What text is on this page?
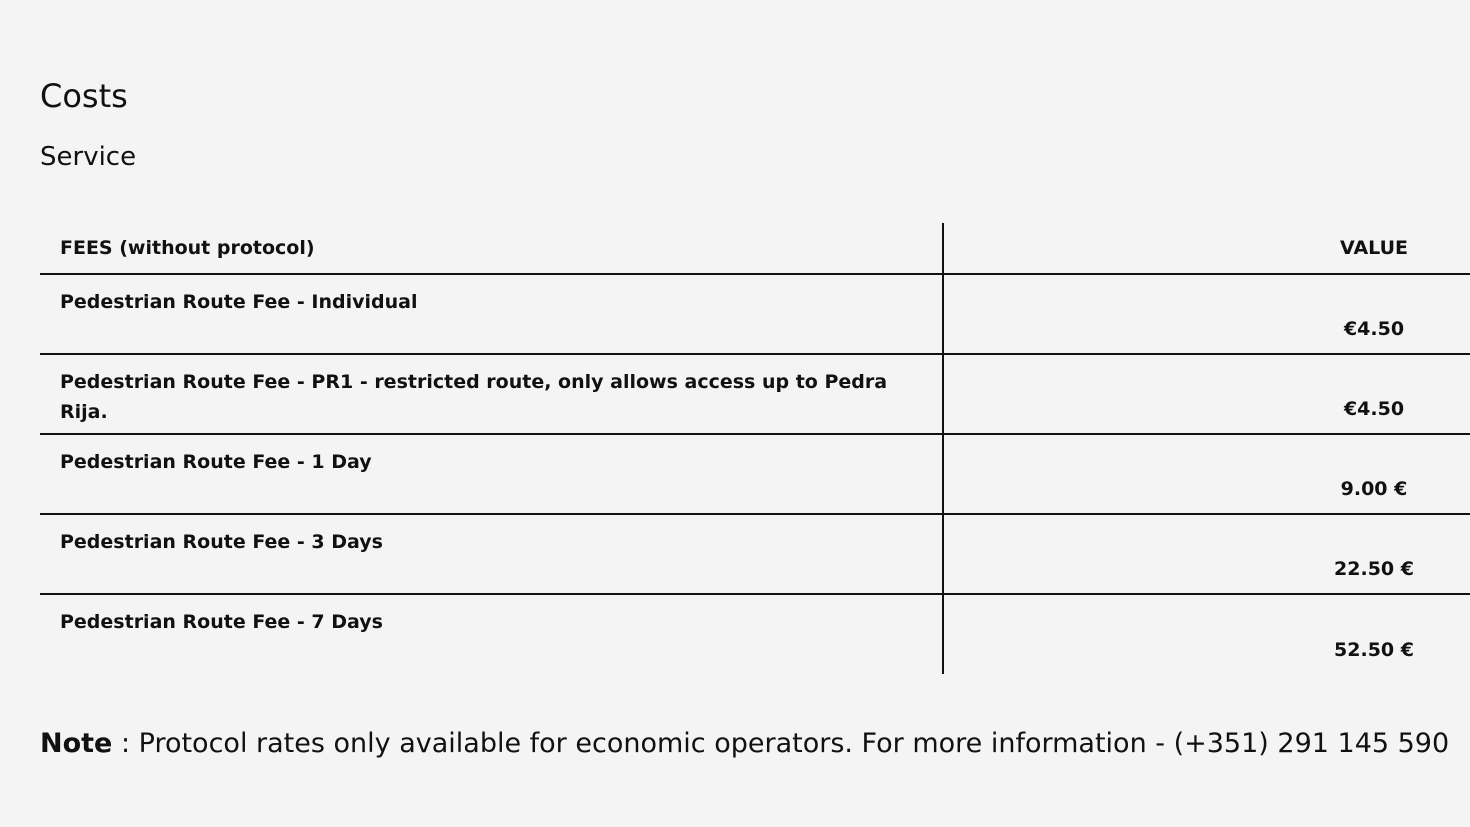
Costs
Service
FEES (without protocol)	VALUE
Pedestrian Route Fee - Individual	€4.50

Pedestrian Route Fee - PR1 - restricted route, only allows access up to Pedra Rija.	€4.50

Pedestrian Route Fee - 1 Day	9.00 €

Pedestrian Route Fee - 3 Days	22.50 €

Pedestrian Route Fee - 7 Days	52.50 €

Note : Protocol rates only available for economic operators. For more information - (+351) 291 145 590
